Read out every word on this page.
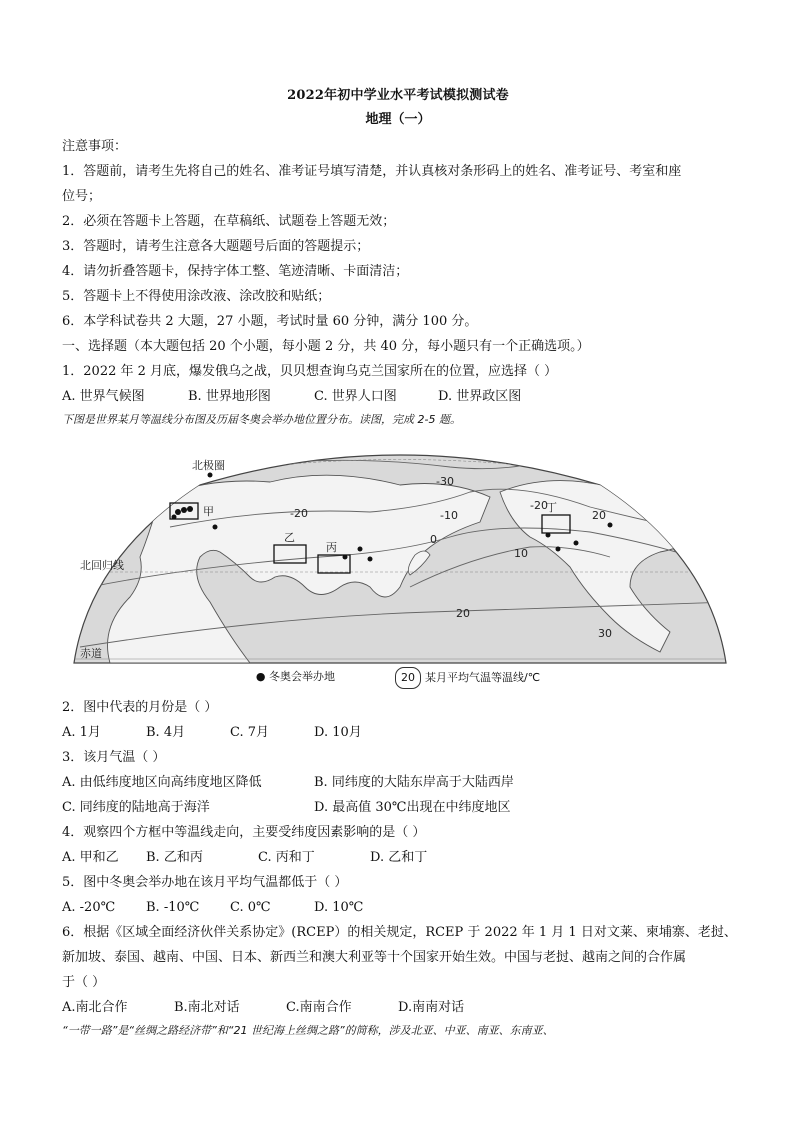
2022年初中学业水平考试模拟测试卷
地理（一）
注意事项：
1．答题前，请考生先将自己的姓名、准考证号填写清楚，并认真核对条形码上的姓名、准考证号、考室和座
位号；
2．必须在答题卡上答题，在草稿纸、试题卷上答题无效；
3．答题时，请考生注意各大题题号后面的答题提示；
4．请勿折叠答题卡，保持字体工整、笔迹清晰、卡面清洁；
5．答题卡上不得使用涂改液、涂改胶和贴纸；
6．本学科试卷共 2 大题，27 小题，考试时量 60 分钟，满分 100 分。
一、选择题（本大题包括 20 个小题，每小题 2 分，共 40 分，每小题只有一个正确选项。）
1．2022 年 2 月底，爆发俄乌之战，贝贝想查询乌克兰国家所在的位置，应选择（ ）
A. 世界气候图	B. 世界地形图	C. 世界人口图	D. 世界政区图
下图是世界某月等温线分布图及历届冬奥会举办地位置分布。读图，完成 2-5 题。
北极圈
北回归线
赤道
甲
乙
丙
丁
-30
-20	-10
0
10
20
20
-20
30
● 冬奥会举办地	20 某月平均气温等温线/℃
2．图中代表的月份是（ ）
A. 1月	B. 4月	C. 7月	D. 10月
3．该月气温（ ）
A. 由低纬度地区向高纬度地区降低	B. 同纬度的大陆东岸高于大陆西岸
C. 同纬度的陆地高于海洋	D. 最高值 30℃出现在中纬度地区
4．观察四个方框中等温线走向，主要受纬度因素影响的是（ ）
A. 甲和乙	B. 乙和丙	C. 丙和丁	D. 乙和丁
5．图中冬奥会举办地在该月平均气温都低于（ ）
A. -20℃	B. -10℃	C. 0℃	D. 10℃
6．根据《区域全面经济伙伴关系协定》(RCEP）的相关规定，RCEP 于 2022 年 1 月 1 日对文莱、柬埔寨、老挝、
新加坡、泰国、越南、中国、日本、新西兰和澳大利亚等十个国家开始生效。中国与老挝、越南之间的合作属
于（ ）
A.南北合作	B.南北对话	C.南南合作	D.南南对话
“一带一路”是“丝绸之路经济带”和“21 世纪海上丝绸之路”的简称，涉及北亚、中亚、南亚、东南亚、
